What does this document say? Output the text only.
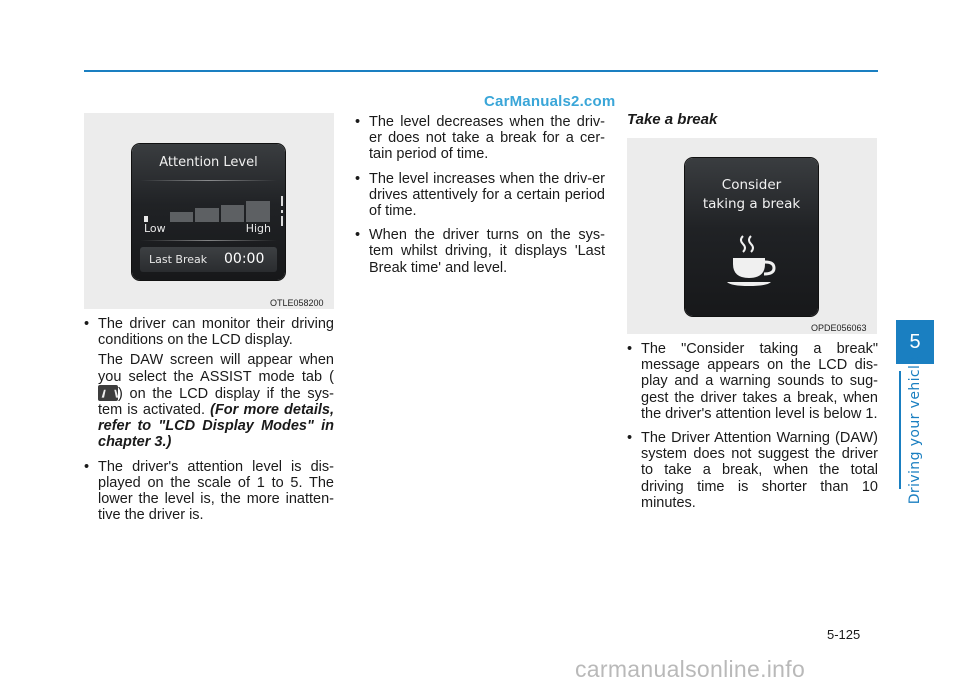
CarManuals2.com
Attention Level
Low	High
Last Break 00:00
OTLE058200
Consider
taking a break
OPDE056063
• The driver can monitor their driving conditions on the LCD display.
The DAW screen will appear when you select the ASSIST mode tab () on the LCD display if the sys-tem is activated. (For more details, refer to "LCD Display Modes" in chapter 3.)
• The driver's attention level is dis-played on the scale of 1 to 5. The lower the level is, the more inatten-tive the driver is.
• The level decreases when the driv-er does not take a break for a cer-tain period of time.
• The level increases when the driv-er drives attentively for a certain period of time.
• When the driver turns on the sys-tem whilst driving, it displays 'Last Break time' and level.
Take a break
• The "Consider taking a break" message appears on the LCD dis-play and a warning sounds to sug-gest the driver takes a break, when the driver's attention level is below 1.
• The Driver Attention Warning (DAW) system does not suggest the driver to take a break, when the total driving time is shorter than 10 minutes.
5
Driving your vehicle
5-125
carmanualsonline.info
